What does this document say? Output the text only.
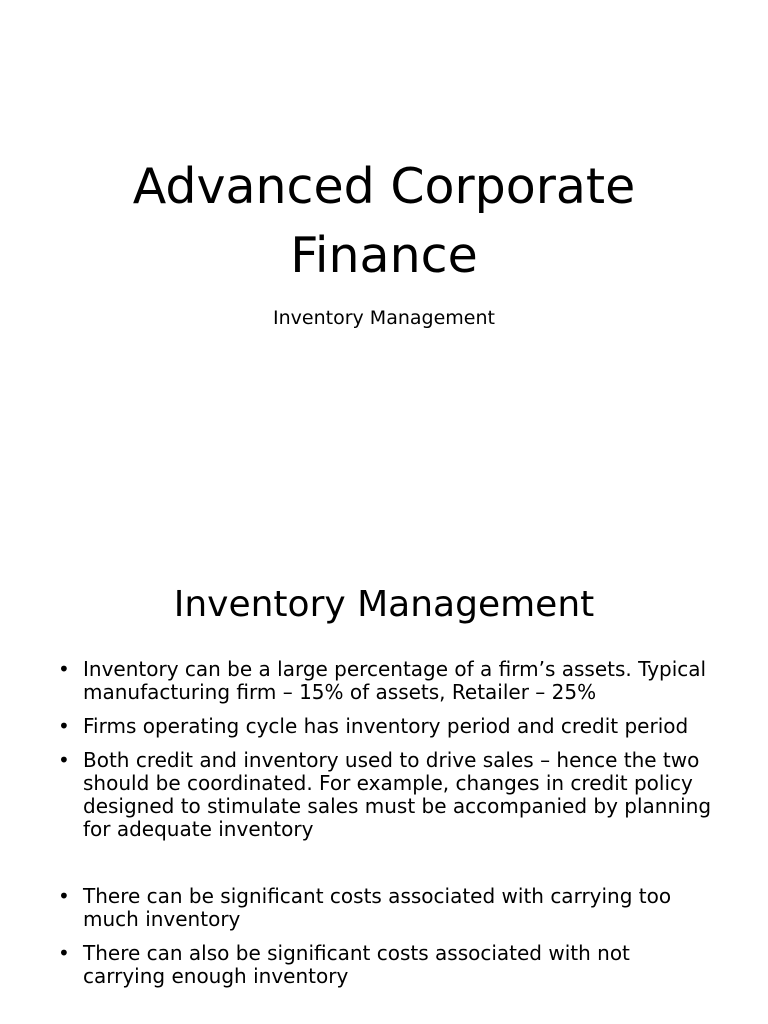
Advanced Corporate
Finance

Inventory Management

Inventory Management
• Inventory can be a large percentage of a firm’s assets. Typical manufacturing firm – 15% of assets, Retailer – 25%
• Firms operating cycle has inventory period and credit period
• Both credit and inventory used to drive sales – hence the two should be coordinated. For example, changes in credit policy designed to stimulate sales must be accompanied by planning for adequate inventory
• There can be significant costs associated with carrying too much inventory
• There can also be significant costs associated with not carrying enough inventory
